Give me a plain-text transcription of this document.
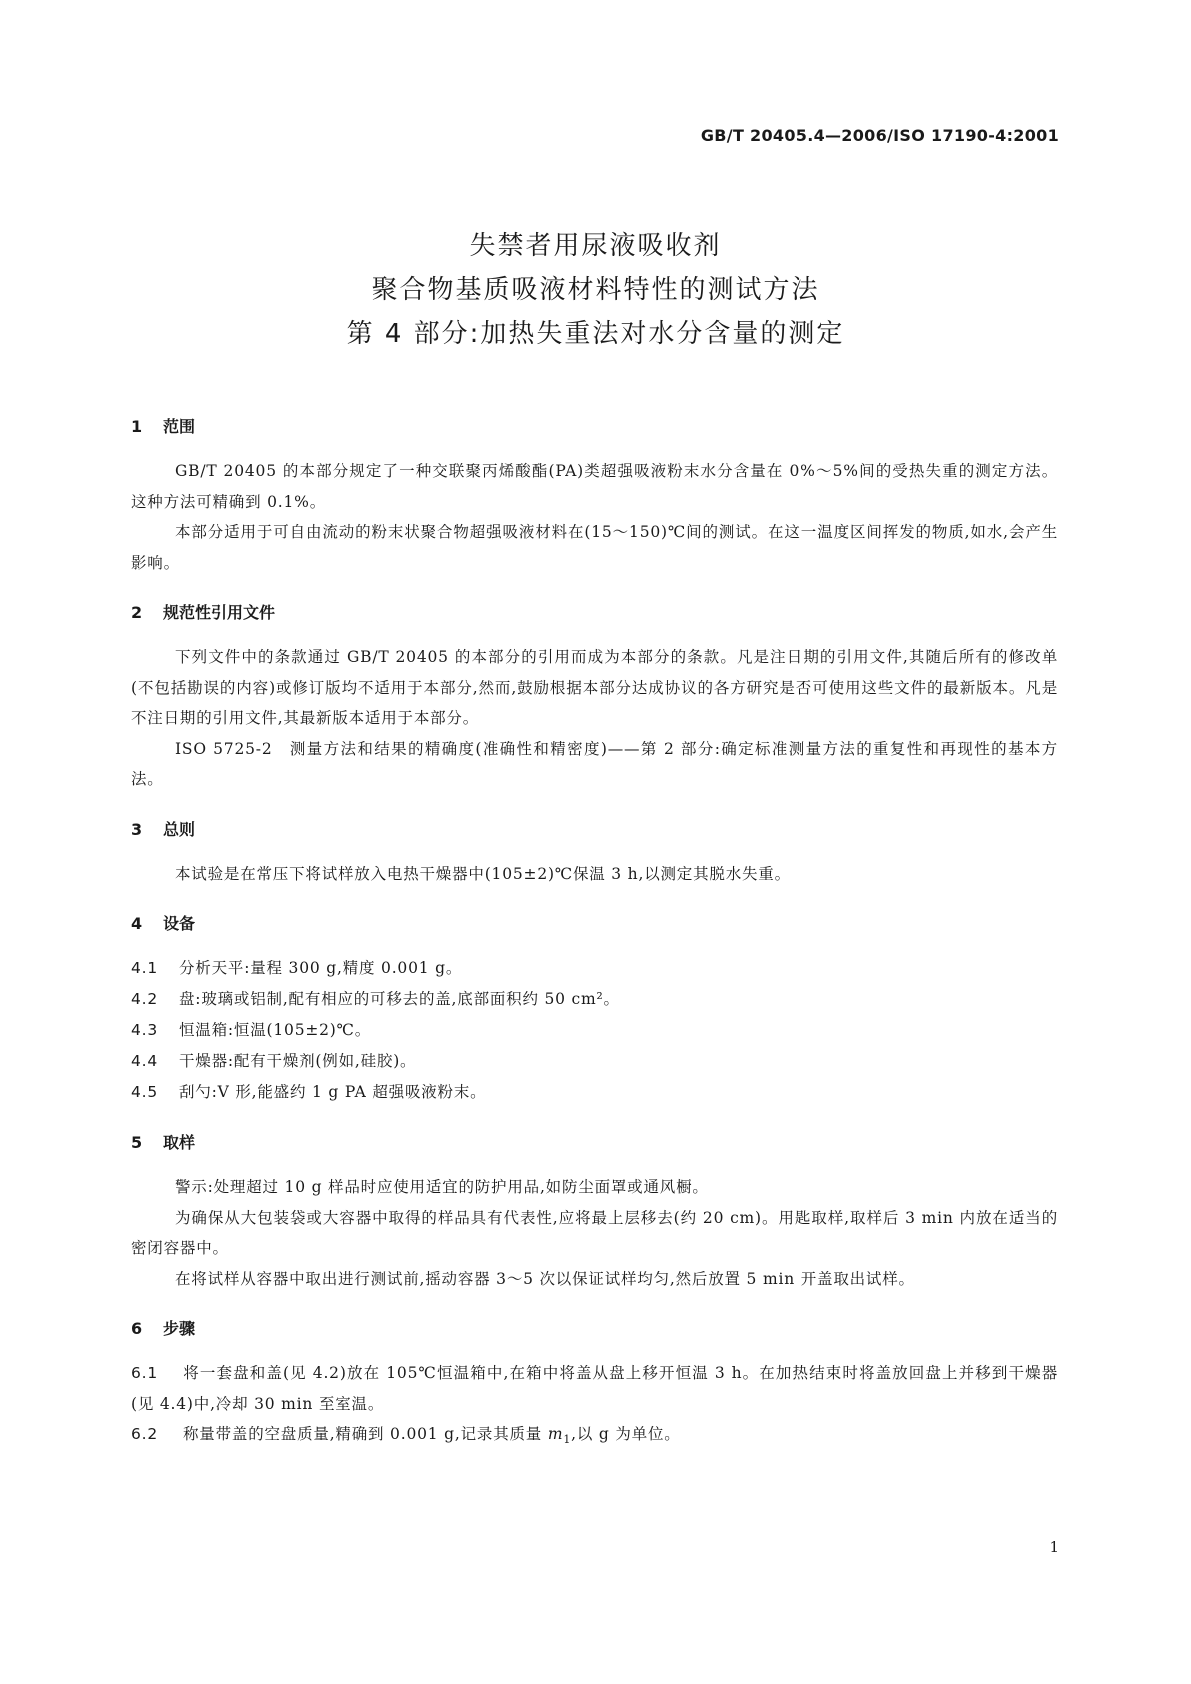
GB/T 20405.4—2006/ISO 17190-4:2001
失禁者用尿液吸收剂
聚合物基质吸液材料特性的测试方法
第 4 部分:加热失重法对水分含量的测定
1 范围

GB/T 20405 的本部分规定了一种交联聚丙烯酸酯(PA)类超强吸液粉末水分含量在 0%～5%间的受热失重的测定方法。这种方法可精确到 0.1%。

本部分适用于可自由流动的粉末状聚合物超强吸液材料在(15～150)℃间的测试。在这一温度区间挥发的物质,如水,会产生影响。

2 规范性引用文件

下列文件中的条款通过 GB/T 20405 的本部分的引用而成为本部分的条款。凡是注日期的引用文件,其随后所有的修改单(不包括勘误的内容)或修订版均不适用于本部分,然而,鼓励根据本部分达成协议的各方研究是否可使用这些文件的最新版本。凡是不注日期的引用文件,其最新版本适用于本部分。

ISO 5725-2　测量方法和结果的精确度(准确性和精密度)——第 2 部分:确定标准测量方法的重复性和再现性的基本方法。

3 总则

本试验是在常压下将试样放入电热干燥器中(105±2)℃保温 3 h,以测定其脱水失重。

4 设备

4.1 分析天平:量程 300 g,精度 0.001 g。

4.2 盘:玻璃或铝制,配有相应的可移去的盖,底部面积约 50 cm²。

4.3 恒温箱:恒温(105±2)℃。

4.4 干燥器:配有干燥剂(例如,硅胶)。

4.5 刮勺:V 形,能盛约 1 g PA 超强吸液粉末。

5 取样

警示:处理超过 10 g 样品时应使用适宜的防护用品,如防尘面罩或通风橱。

为确保从大包装袋或大容器中取得的样品具有代表性,应将最上层移去(约 20 cm)。用匙取样,取样后 3 min 内放在适当的密闭容器中。

在将试样从容器中取出进行测试前,摇动容器 3～5 次以保证试样均匀,然后放置 5 min 开盖取出试样。

6 步骤

6.1 将一套盘和盖(见 4.2)放在 105℃恒温箱中,在箱中将盖从盘上移开恒温 3 h。在加热结束时将盖放回盘上并移到干燥器(见 4.4)中,冷却 30 min 至室温。

6.2 称量带盖的空盘质量,精确到 0.001 g,记录其质量 $m_1$,以 g 为单位。

1
